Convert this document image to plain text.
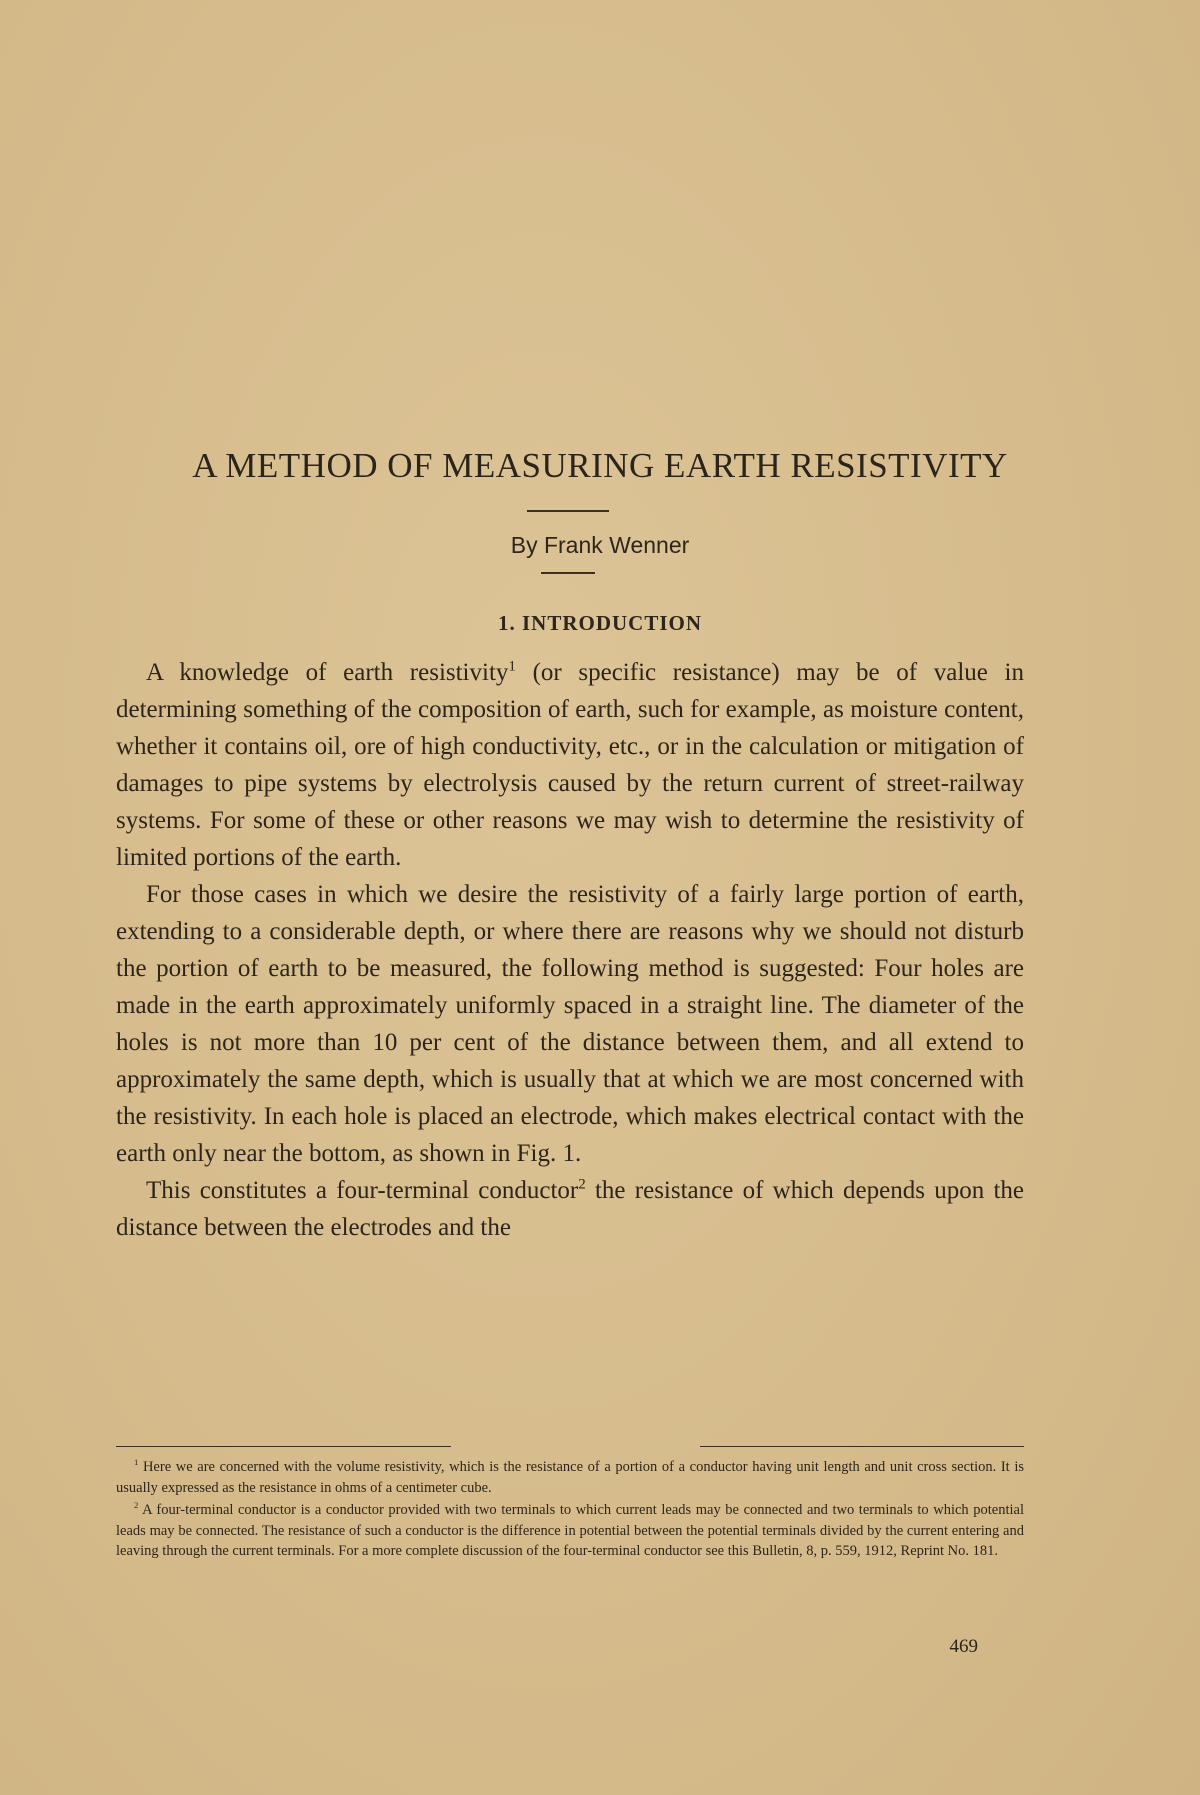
A METHOD OF MEASURING EARTH RESISTIVITY
By Frank Wenner
1. INTRODUCTION

A knowledge of earth resistivity$^1$ (or specific resistance) may be of value in determining something of the composition of earth, such for example, as moisture content, whether it contains oil, ore of high conductivity, etc., or in the calculation or mitigation of damages to pipe systems by electrolysis caused by the return current of street-railway systems. For some of these or other reasons we may wish to determine the resistivity of limited portions of the earth.

For those cases in which we desire the resistivity of a fairly large portion of earth, extending to a considerable depth, or where there are reasons why we should not disturb the portion of earth to be measured, the following method is suggested: Four holes are made in the earth approximately uniformly spaced in a straight line. The diameter of the holes is not more than 10 per cent of the distance between them, and all extend to approximately the same depth, which is usually that at which we are most concerned with the resistivity. In each hole is placed an electrode, which makes electrical contact with the earth only near the bottom, as shown in Fig. 1.

This constitutes a four-terminal conductor$^2$ the resistance of which depends upon the distance between the electrodes and the

$^1$ Here we are concerned with the volume resistivity, which is the resistance of a portion of a conductor having unit length and unit cross section. It is usually expressed as the resistance in ohms of a centimeter cube.

$^2$ A four-terminal conductor is a conductor provided with two terminals to which current leads may be connected and two terminals to which potential leads may be connected. The resistance of such a conductor is the difference in potential between the potential terminals divided by the current entering and leaving through the current terminals. For a more complete discussion of the four-terminal conductor see this Bulletin, 8, p. 559, 1912, Reprint No. 181.

469
